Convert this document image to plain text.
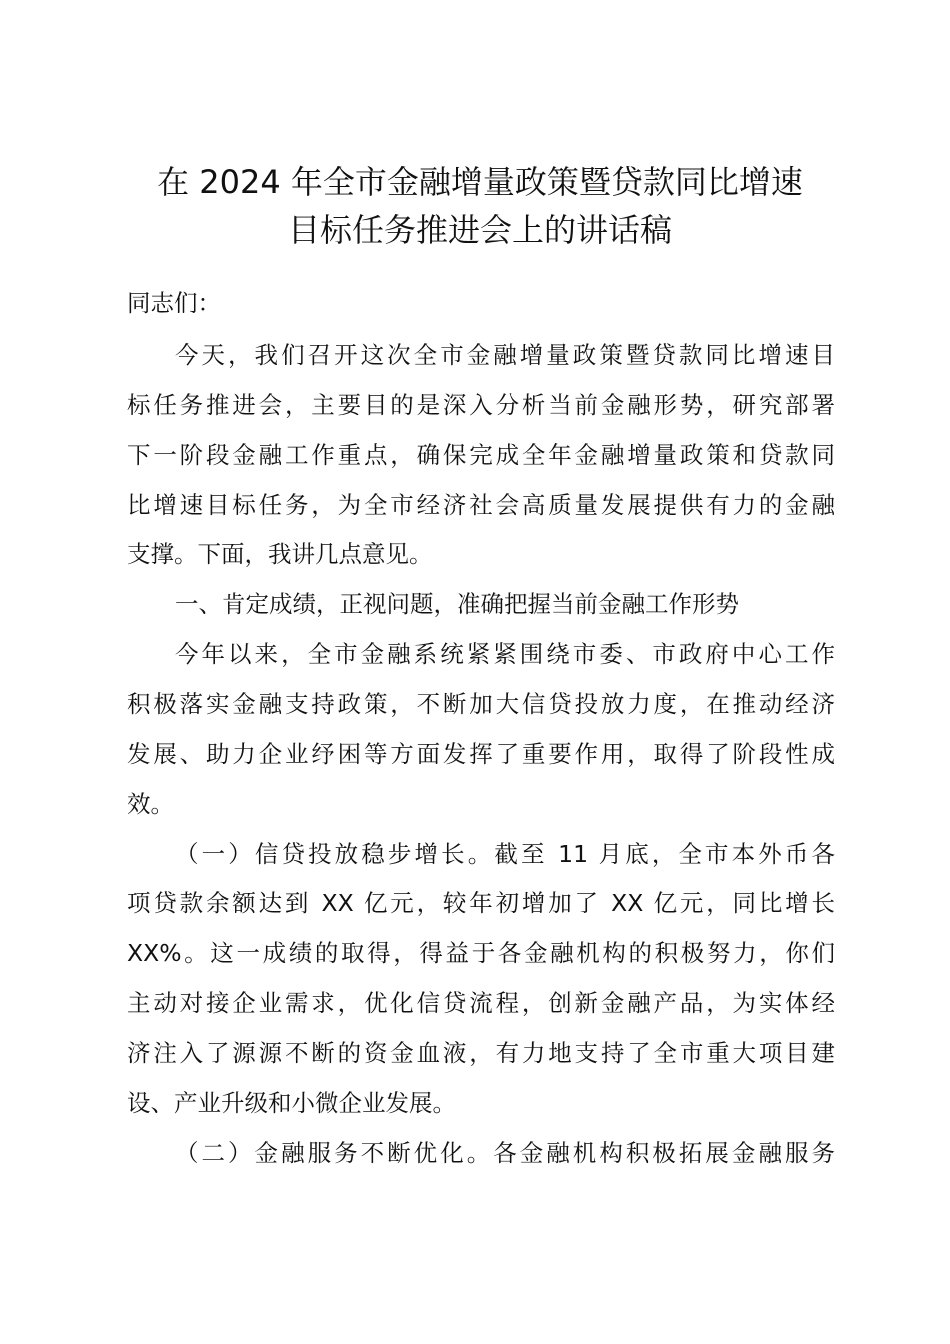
在 2024 年全市金融增量政策暨贷款同比增速
目标任务推进会上的讲话稿
同志们：
今天，我们召开这次全市金融增量政策暨贷款同比增速目
标任务推进会，主要目的是深入分析当前金融形势，研究部署
下一阶段金融工作重点，确保完成全年金融增量政策和贷款同
比增速目标任务，为全市经济社会高质量发展提供有力的金融
支撑。下面，我讲几点意见。
一、肯定成绩，正视问题，准确把握当前金融工作形势
今年以来，全市金融系统紧紧围绕市委、市政府中心工作
积极落实金融支持政策，不断加大信贷投放力度，在推动经济
发展、助力企业纾困等方面发挥了重要作用，取得了阶段性成
效。
（一）信贷投放稳步增长。截至 11 月底，全市本外币各
项贷款余额达到 XX 亿元，较年初增加了 XX 亿元，同比增长
XX%。这一成绩的取得，得益于各金融机构的积极努力，你们
主动对接企业需求，优化信贷流程，创新金融产品，为实体经
济注入了源源不断的资金血液，有力地支持了全市重大项目建
设、产业升级和小微企业发展。
（二）金融服务不断优化。各金融机构积极拓展金融服务
